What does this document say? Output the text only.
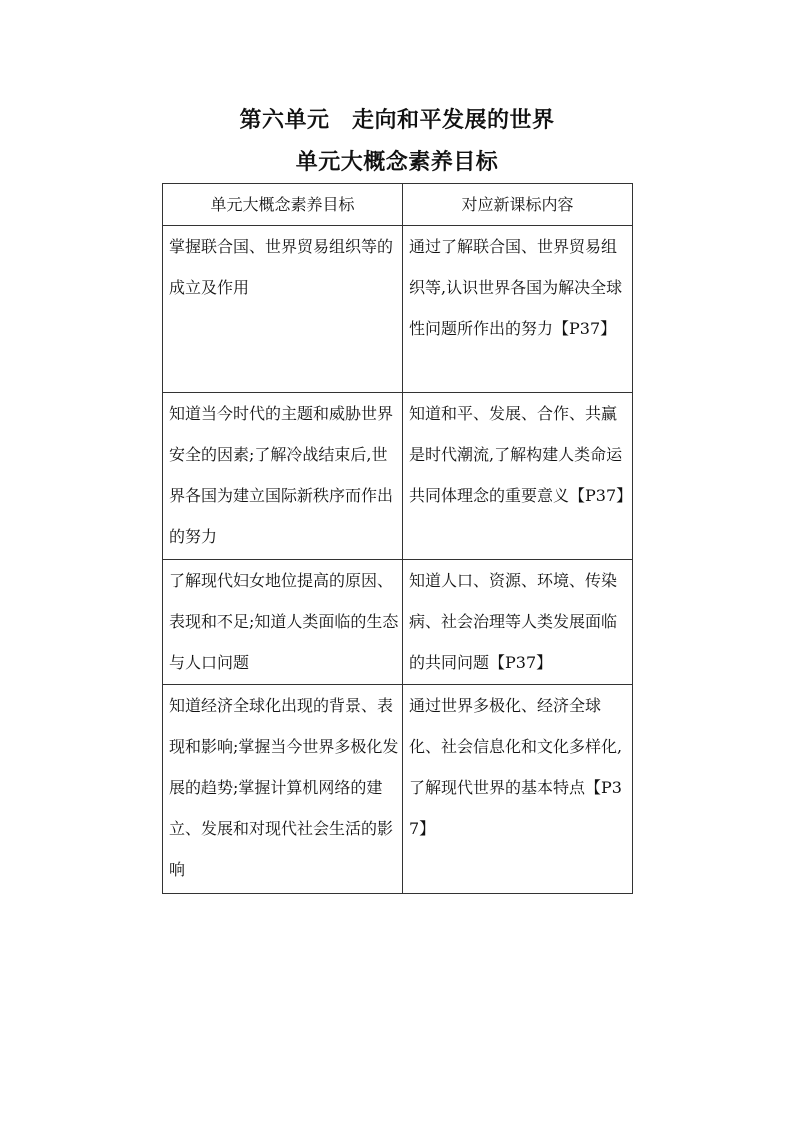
第六单元　走向和平发展的世界
单元大概念素养目标
单元大概念素养目标	对应新课标内容
掌握联合国、世界贸易组织等的成立及作用	通过了解联合国、世界贸易组织等,认识世界各国为解决全球性问题所作出的努力【P37】
知道当今时代的主题和威胁世界安全的因素;了解冷战结束后,世界各国为建立国际新秩序而作出的努力	知道和平、发展、合作、共赢是时代潮流,了解构建人类命运共同体理念的重要意义【P37】
了解现代妇女地位提高的原因、表现和不足;知道人类面临的生态与人口问题	知道人口、资源、环境、传染病、社会治理等人类发展面临的共同问题【P37】
知道经济全球化出现的背景、表现和影响;掌握当今世界多极化发展的趋势;掌握计算机网络的建立、发展和对现代社会生活的影响	通过世界多极化、经济全球化、社会信息化和文化多样化,了解现代世界的基本特点【P37】
